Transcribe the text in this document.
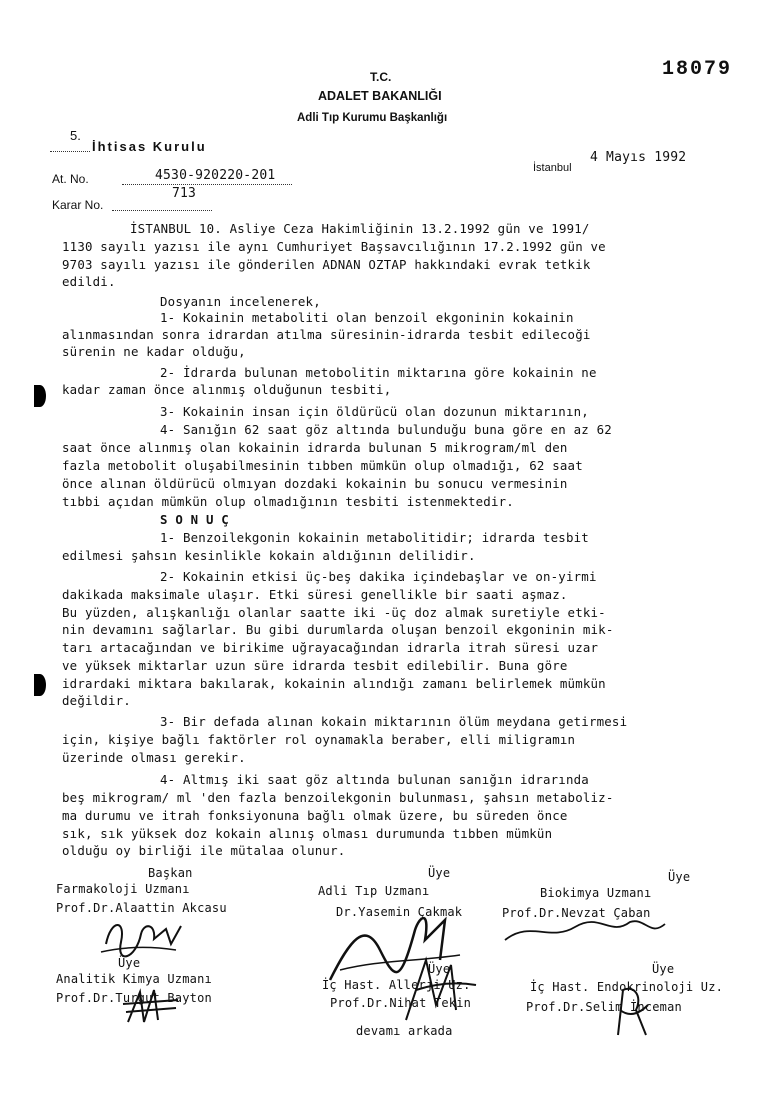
18079
T.C.
ADALET BAKANLIĞI
Adli Tıp Kurumu Başkanlığı
5.
İhtisas Kurulu
İstanbul
4 Mayıs 1992
At. No.	4530-920220-201
713
Karar No.
İSTANBUL 10. Asliye Ceza Hakimliğinin 13.2.1992 gün ve 1991/
1130 sayılı yazısı ile aynı Cumhuriyet Başsavcılığının 17.2.1992 gün ve
9703 sayılı yazısı ile gönderilen ADNAN OZTAP hakkındaki evrak tetkik
edildi.
Dosyanın incelenerek,
1- Kokainin metaboliti olan benzoil ekgoninin kokainin
alınmasından sonra idrardan atılma süresinin-idrarda tesbit edilecoği
sürenin ne kadar olduğu,
2- İdrarda bulunan metobolitin miktarına göre kokainin ne
kadar zaman önce alınmış olduğunun tesbiti,
3- Kokainin insan için öldürücü olan dozunun miktarının,
4- Sanığın 62 saat göz altında bulunduğu buna göre en az 62
saat önce alınmış olan kokainin idrarda bulunan 5 mikrogram/ml den
fazla metobolit oluşabilmesinin tıbben mümkün olup olmadığı, 62 saat
önce alınan öldürücü olmıyan dozdaki kokainin bu sonucu vermesinin
tıbbi açıdan mümkün olup olmadığının tesbiti istenmektedir.
S O N U Ç
1- Benzoilekgonin kokainin metabolitidir; idrarda tesbit
edilmesi şahsın kesinlikle kokain aldığının delilidir.
2- Kokainin etkisi üç-beş dakika içindebaşlar ve on-yirmi
dakikada maksimale ulaşır. Etki süresi genellikle bir saati aşmaz.
Bu yüzden, alışkanlığı olanlar saatte iki -üç doz almak suretiyle etki-
nin devamını sağlarlar. Bu gibi durumlarda oluşan benzoil ekgoninin mik-
tarı artacağından ve birikime uğrayacağından idrarla itrah süresi uzar
ve yüksek miktarlar uzun süre idrarda tesbit edilebilir. Buna göre
idrardaki miktara bakılarak, kokainin alındığı zamanı belirlemek mümkün
değildir.
3- Bir defada alınan kokain miktarının ölüm meydana getirmesi
için, kişiye bağlı faktörler rol oynamakla beraber, elli miligramın
üzerinde olması gerekir.
4- Altmış iki saat göz altında bulunan sanığın idrarında
beş mikrogram/ ml 'den fazla benzoilekgonin bulunması, şahsın metaboliz-
ma durumu ve itrah fonksiyonuna bağlı olmak üzere, bu süreden önce
sık, sık yüksek doz kokain alınış olması durumunda tıbben mümkün
olduğu oy birliği ile mütalaa olunur.
Başkan
Farmakoloji Uzmanı
Prof.Dr.Alaattin Akcasu
Üye
Adli Tıp Uzmanı
Dr.Yasemin Çakmak
Üye
Biokimya Uzmanı
Prof.Dr.Nevzat Çaban
Üye
Analitik Kimya Uzmanı
Prof.Dr.Turgut Bayton
Üye
İç Hast. Allerji Uz.
Prof.Dr.Nihat Tekin
Üye
İç Hast. Endokrinoloji Uz.
Prof.Dr.Selim İnceman
devamı arkada
